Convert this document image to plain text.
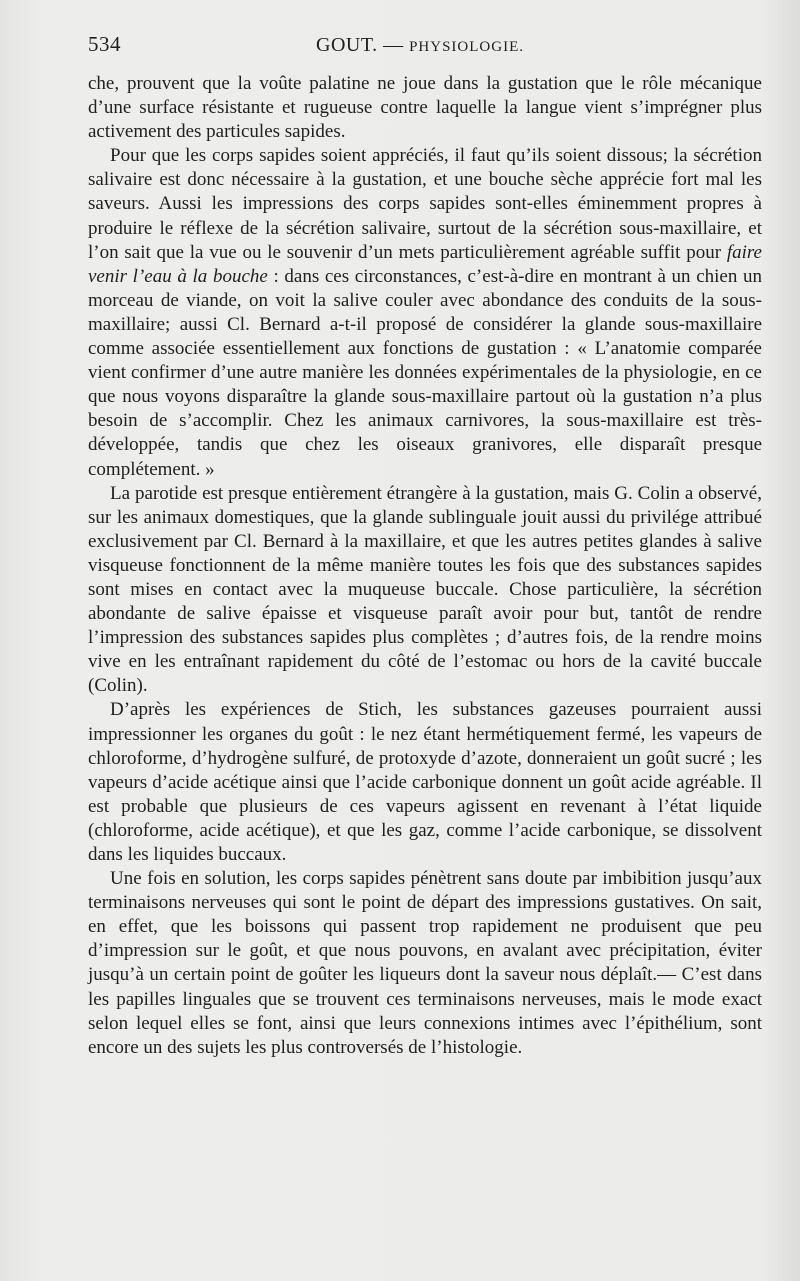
534	GOUT. — PHYSIOLOGIE.

che, prouvent que la voûte palatine ne joue dans la gustation que le rôle mécanique d’une surface résistante et rugueuse contre laquelle la langue vient s’imprégner plus activement des particules sapides.

Pour que les corps sapides soient appréciés, il faut qu’ils soient dissous; la sécrétion salivaire est donc nécessaire à la gustation, et une bouche sèche apprécie fort mal les saveurs. Aussi les impressions des corps sapides sont-elles éminemment propres à produire le réflexe de la sécrétion salivaire, surtout de la sécrétion sous-maxillaire, et l’on sait que la vue ou le souvenir d’un mets particulièrement agréable suffit pour faire venir l’eau à la bouche : dans ces circonstances, c’est-à-dire en montrant à un chien un morceau de viande, on voit la salive couler avec abondance des conduits de la sous-maxillaire; aussi Cl. Bernard a-t-il proposé de considérer la glande sous-maxillaire comme associée essentiellement aux fonctions de gustation : « L’anatomie comparée vient confirmer d’une autre manière les données expérimentales de la physiologie, en ce que nous voyons disparaître la glande sous-maxillaire partout où la gustation n’a plus besoin de s’accomplir. Chez les animaux carnivores, la sous-maxillaire est très-développée, tandis que chez les oiseaux granivores, elle disparaît presque complétement. »

La parotide est presque entièrement étrangère à la gustation, mais G. Colin a observé, sur les animaux domestiques, que la glande sublinguale jouit aussi du privilége attribué exclusivement par Cl. Bernard à la maxillaire, et que les autres petites glandes à salive visqueuse fonctionnent de la même manière toutes les fois que des substances sapides sont mises en contact avec la muqueuse buccale. Chose particulière, la sécrétion abondante de salive épaisse et visqueuse paraît avoir pour but, tantôt de rendre l’impression des substances sapides plus complètes ; d’autres fois, de la rendre moins vive en les entraînant rapidement du côté de l’estomac ou hors de la cavité buccale (Colin).

D’après les expériences de Stich, les substances gazeuses pourraient aussi impressionner les organes du goût : le nez étant hermétiquement fermé, les vapeurs de chloroforme, d’hydrogène sulfuré, de protoxyde d’azote, donneraient un goût sucré ; les vapeurs d’acide acétique ainsi que l’acide carbonique donnent un goût acide agréable. Il est probable que plusieurs de ces vapeurs agissent en revenant à l’état liquide (chloroforme, acide acétique), et que les gaz, comme l’acide carbonique, se dissolvent dans les liquides buccaux.

Une fois en solution, les corps sapides pénètrent sans doute par imbibition jusqu’aux terminaisons nerveuses qui sont le point de départ des impressions gustatives. On sait, en effet, que les boissons qui passent trop rapidement ne produisent que peu d’impression sur le goût, et que nous pouvons, en avalant avec précipitation, éviter jusqu’à un certain point de goûter les liqueurs dont la saveur nous déplaît.— C’est dans les papilles linguales que se trouvent ces terminaisons nerveuses, mais le mode exact selon lequel elles se font, ainsi que leurs connexions intimes avec l’épithélium, sont encore un des sujets les plus controversés de l’histologie.
